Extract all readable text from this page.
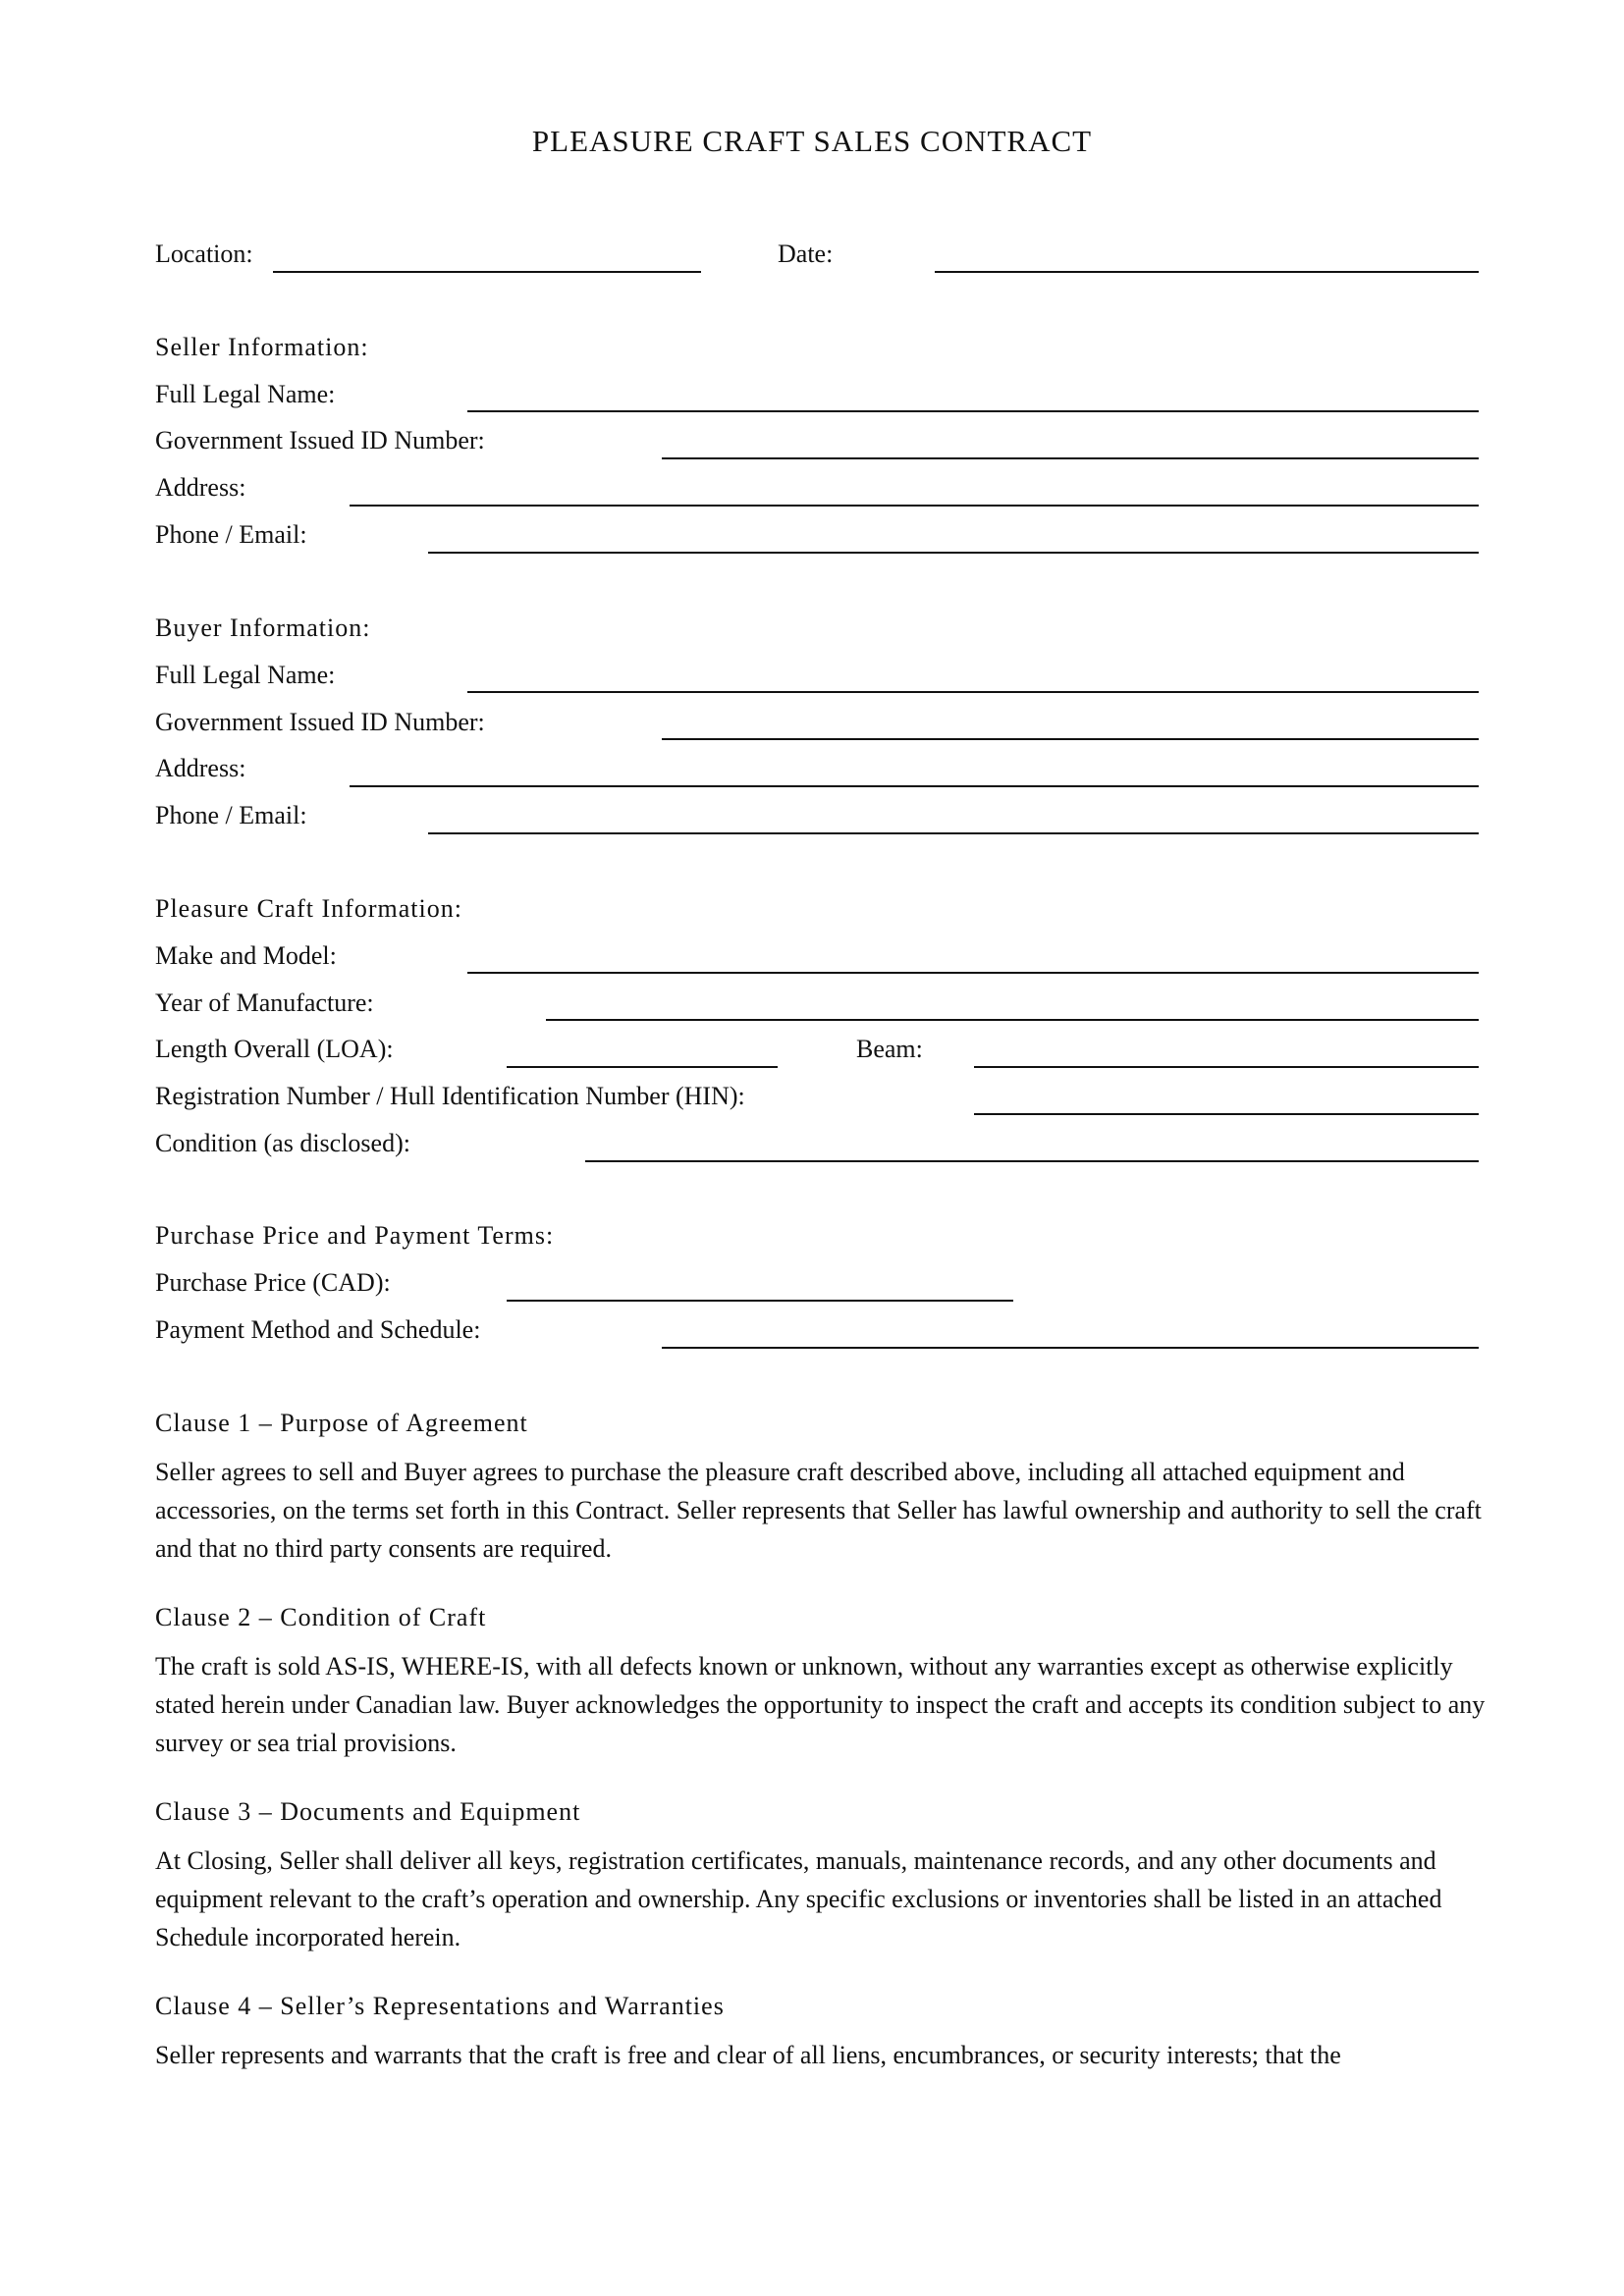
PLEASURE CRAFT SALES CONTRACT
Location:	Date:
Seller Information:
Full Legal Name:
Government Issued ID Number:
Address:
Phone / Email:
Buyer Information:
Full Legal Name:
Government Issued ID Number:
Address:
Phone / Email:
Pleasure Craft Information:
Make and Model:
Year of Manufacture:
Length Overall (LOA):	Beam:
Registration Number / Hull Identification Number (HIN):
Condition (as disclosed):
Purchase Price and Payment Terms:
Purchase Price (CAD):
Payment Method and Schedule:
Clause 1 – Purpose of Agreement
Seller agrees to sell and Buyer agrees to purchase the pleasure craft described above, including all attached equipment and accessories, on the terms set forth in this Contract. Seller represents that Seller has lawful ownership and authority to sell the craft and that no third party consents are required.
Clause 2 – Condition of Craft
The craft is sold AS-IS, WHERE-IS, with all defects known or unknown, without any warranties except as otherwise explicitly stated herein under Canadian law. Buyer acknowledges the opportunity to inspect the craft and accepts its condition subject to any survey or sea trial provisions.
Clause 3 – Documents and Equipment
At Closing, Seller shall deliver all keys, registration certificates, manuals, maintenance records, and any other documents and equipment relevant to the craft’s operation and ownership. Any specific exclusions or inventories shall be listed in an attached Schedule incorporated herein.
Clause 4 – Seller’s Representations and Warranties
Seller represents and warrants that the craft is free and clear of all liens, encumbrances, or security interests; that the
